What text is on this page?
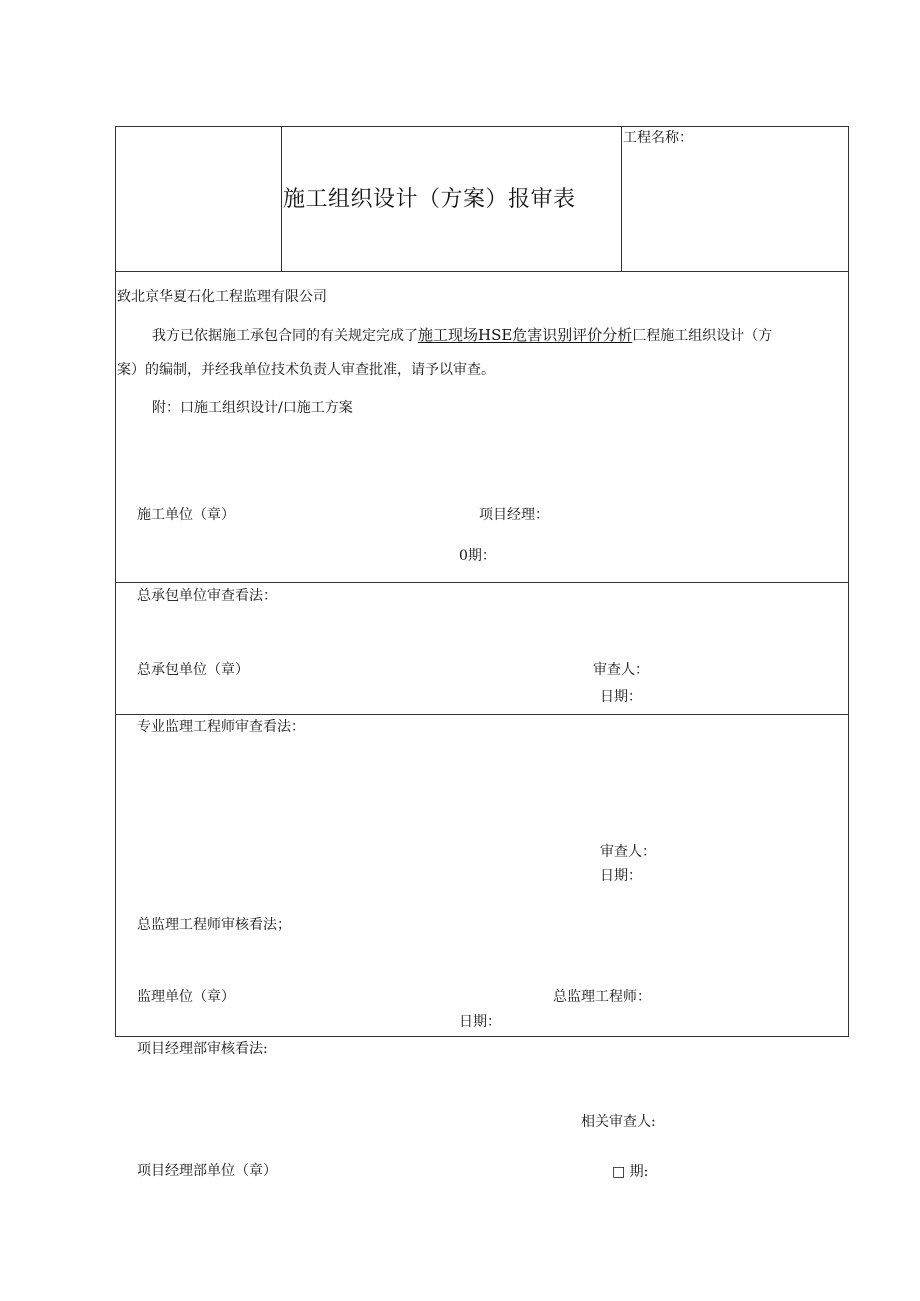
施工组织设计（方案）报审表
工程名称：
致北京华夏石化工程监理有限公司
我方已依据施工承包合同的有关规定完成了施工现场HSE危害识别评价分析匚程施工组织设计（方
案）的编制，并经我单位技术负责人审查批准，请予以审查。
附：口施工组织设计/口施工方案
施工单位（章）	项目经理：
0期：
总承包单位审查看法：
总承包单位（章）	审查人：
日期：
专业监理工程师审查看法：
审查人：
日期：
总监理工程师审核看法；
监理单位（章）	总监理工程师：
日期：
项目经理部审核看法:
相关审查人:
项目经理部单位（章）	□ 期:
